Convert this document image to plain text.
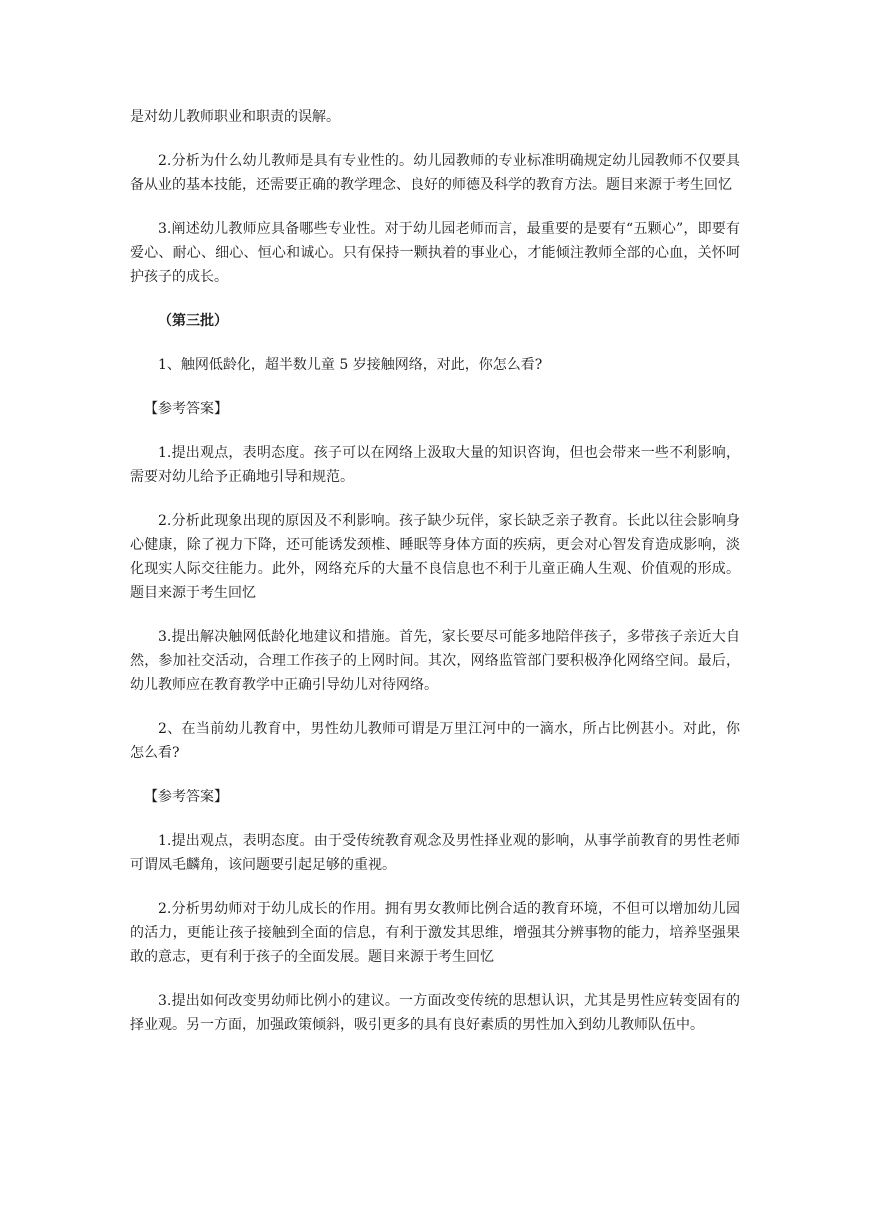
是对幼儿教师职业和职责的误解。

2.分析为什么幼儿教师是具有专业性的。幼儿园教师的专业标准明确规定幼儿园教师不仅要具备从业的基本技能，还需要正确的教学理念、良好的师德及科学的教育方法。题目来源于考生回忆

3.阐述幼儿教师应具备哪些专业性。对于幼儿园老师而言，最重要的是要有“五颗心”，即要有爱心、耐心、细心、恒心和诚心。只有保持一颗执着的事业心，才能倾注教师全部的心血，关怀呵护孩子的成长。

（第三批）

1、触网低龄化，超半数儿童 5 岁接触网络，对此，你怎么看?

【参考答案】

1.提出观点，表明态度。孩子可以在网络上汲取大量的知识咨询，但也会带来一些不利影响，需要对幼儿给予正确地引导和规范。

2.分析此现象出现的原因及不利影响。孩子缺少玩伴，家长缺乏亲子教育。长此以往会影响身心健康，除了视力下降，还可能诱发颈椎、睡眠等身体方面的疾病，更会对心智发育造成影响，淡化现实人际交往能力。此外，网络充斥的大量不良信息也不利于儿童正确人生观、价值观的形成。题目来源于考生回忆

3.提出解决触网低龄化地建议和措施。首先，家长要尽可能多地陪伴孩子，多带孩子亲近大自然，参加社交活动，合理工作孩子的上网时间。其次，网络监管部门要积极净化网络空间。最后，幼儿教师应在教育教学中正确引导幼儿对待网络。

2、在当前幼儿教育中，男性幼儿教师可谓是万里江河中的一滴水，所占比例甚小。对此，你怎么看?

【参考答案】

1.提出观点，表明态度。由于受传统教育观念及男性择业观的影响，从事学前教育的男性老师可谓凤毛麟角，该问题要引起足够的重视。

2.分析男幼师对于幼儿成长的作用。拥有男女教师比例合适的教育环境，不但可以增加幼儿园的活力，更能让孩子接触到全面的信息，有利于激发其思维，增强其分辨事物的能力，培养坚强果敢的意志，更有利于孩子的全面发展。题目来源于考生回忆

3.提出如何改变男幼师比例小的建议。一方面改变传统的思想认识，尤其是男性应转变固有的择业观。另一方面，加强政策倾斜，吸引更多的具有良好素质的男性加入到幼儿教师队伍中。
